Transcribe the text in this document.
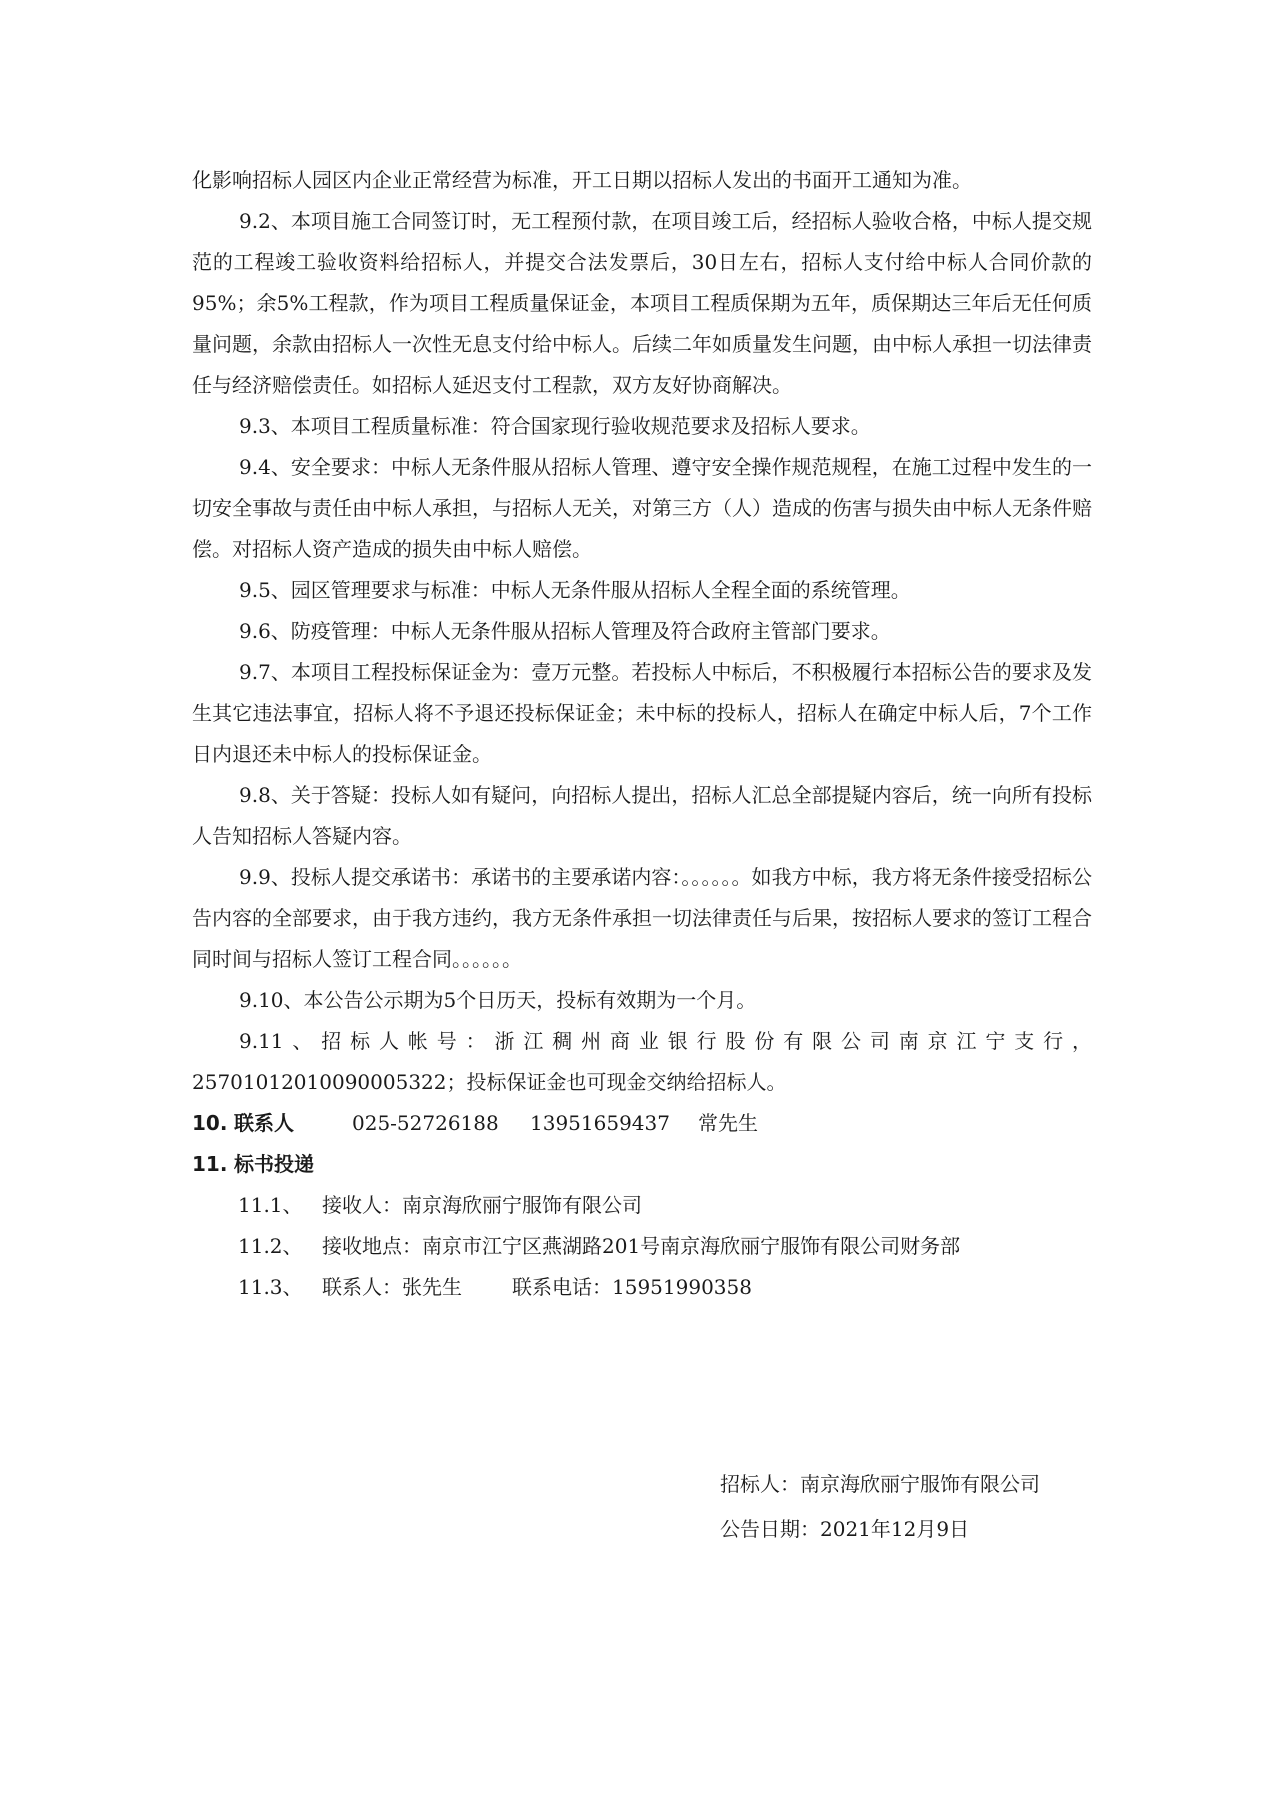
化影响招标人园区内企业正常经营为标准，开工日期以招标人发出的书面开工通知为准。

9.2、本项目施工合同签订时，无工程预付款，在项目竣工后，经招标人验收合格，中标人提交规范的工程竣工验收资料给招标人，并提交合法发票后，30日左右，招标人支付给中标人合同价款的95%；余5%工程款，作为项目工程质量保证金，本项目工程质保期为五年，质保期达三年后无任何质量问题，余款由招标人一次性无息支付给中标人。后续二年如质量发生问题，由中标人承担一切法律责任与经济赔偿责任。如招标人延迟支付工程款，双方友好协商解决。

9.3、本项目工程质量标准：符合国家现行验收规范要求及招标人要求。

9.4、安全要求：中标人无条件服从招标人管理、遵守安全操作规范规程，在施工过程中发生的一切安全事故与责任由中标人承担，与招标人无关，对第三方（人）造成的伤害与损失由中标人无条件赔偿。对招标人资产造成的损失由中标人赔偿。

9.5、园区管理要求与标准：中标人无条件服从招标人全程全面的系统管理。

9.6、防疫管理：中标人无条件服从招标人管理及符合政府主管部门要求。

9.7、本项目工程投标保证金为：壹万元整。若投标人中标后，不积极履行本招标公告的要求及发生其它违法事宜，招标人将不予退还投标保证金；未中标的投标人，招标人在确定中标人后，7个工作日内退还未中标人的投标保证金。

9.8、关于答疑：投标人如有疑问，向招标人提出，招标人汇总全部提疑内容后，统一向所有投标人告知招标人答疑内容。

9.9、投标人提交承诺书：承诺书的主要承诺内容：。。。。。。如我方中标，我方将无条件接受招标公告内容的全部要求，由于我方违约，我方无条件承担一切法律责任与后果，按招标人要求的签订工程合同时间与招标人签订工程合同。。。。。。

9.10、本公告公示期为5个日历天，投标有效期为一个月。

9.11、招标人帐号：浙江稠州商业银行股份有限公司南京江宁支行，25701012010090005322；投标保证金也可现金交纳给招标人。

10. 联系人	025-52726188 13951659437 常先生

11. 标书投递

11.1、 接收人：南京海欣丽宁服饰有限公司

11.2、 接收地点：南京市江宁区燕湖路201号南京海欣丽宁服饰有限公司财务部

11.3、 联系人：张先生	联系电话：15951990358

招标人：南京海欣丽宁服饰有限公司

公告日期：2021年12月9日
